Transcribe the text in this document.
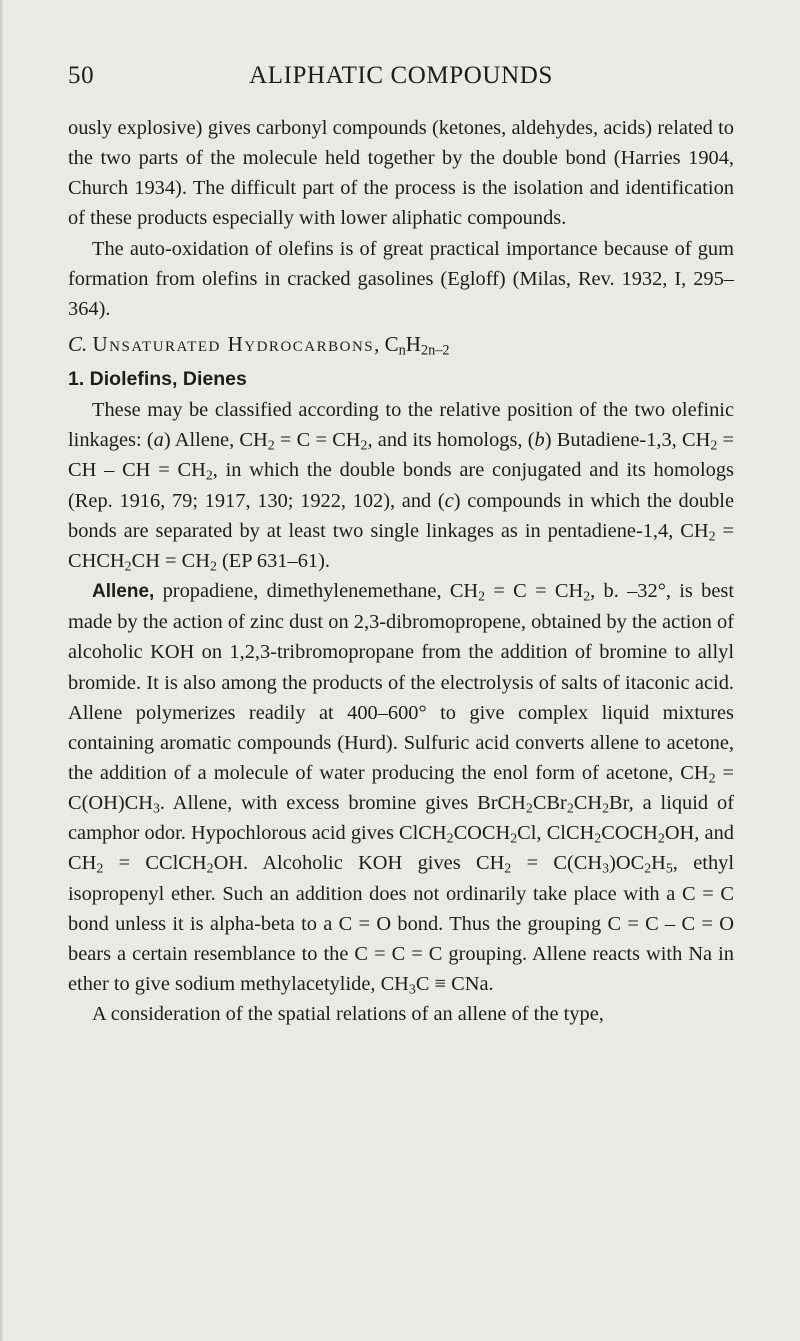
50	ALIPHATIC COMPOUNDS

ously explosive) gives carbonyl compounds (ketones, aldehydes, acids) related to the two parts of the molecule held together by the double bond (Harries 1904, Church 1934). The difficult part of the process is the isolation and identification of these products especially with lower aliphatic compounds.

The auto-oxidation of olefins is of great practical importance because of gum formation from olefins in cracked gasolines (Egloff) (Milas, Rev. 1932, I, 295–364).

C. Unsaturated Hydrocarbons, $C_nH_{2n-2}$

1. Diolefins, Dienes

These may be classified according to the relative position of the two olefinic linkages: (a) Allene, $CH_2 = C = CH_2$, and its homologs, (b) Butadiene-1,3, $CH_2$ = CH – CH = $CH_2$, in which the double bonds are conjugated and its homologs (Rep. 1916, 79; 1917, 130; 1922, 102), and (c) compounds in which the double bonds are separated by at least two single linkages as in pentadiene-1,4, $CH_2$ = $CHCH_2CH = CH_2$ (EP 631–61).

Allene, propadiene, dimethylenemethane, $CH_2 = C = CH_2$, b. –32°, is best made by the action of zinc dust on 2,3-dibromopropene, obtained by the action of alcoholic KOH on 1,2,3-tribromopropane from the addition of bromine to allyl bromide. It is also among the products of the electrolysis of salts of itaconic acid. Allene polymerizes readily at 400–600° to give complex liquid mixtures containing aromatic compounds (Hurd). Sulfuric acid converts allene to acetone, the addition of a molecule of water producing the enol form of acetone, $CH_2 = C(OH)CH_3$. Allene, with excess bromine gives $BrCH_2CBr_2CH_2Br$, a liquid of camphor odor. Hypochlorous acid gives $ClCH_2COCH_2Cl$, $ClCH_2COCH_2OH$, and $CH_2$ = CClCH$_2$OH. Alcoholic KOH gives $CH_2 = C(CH_3)OC_2H_5$, ethyl isopropenyl ether. Such an addition does not ordinarily take place with a C = C bond unless it is alpha-beta to a C = O bond. Thus the grouping C = C – C = O bears a certain resemblance to the C = C = C grouping. Allene reacts with Na in ether to give sodium methylacetylide, $CH_3C$ ≡ CNa.

A consideration of the spatial relations of an allene of the type,
